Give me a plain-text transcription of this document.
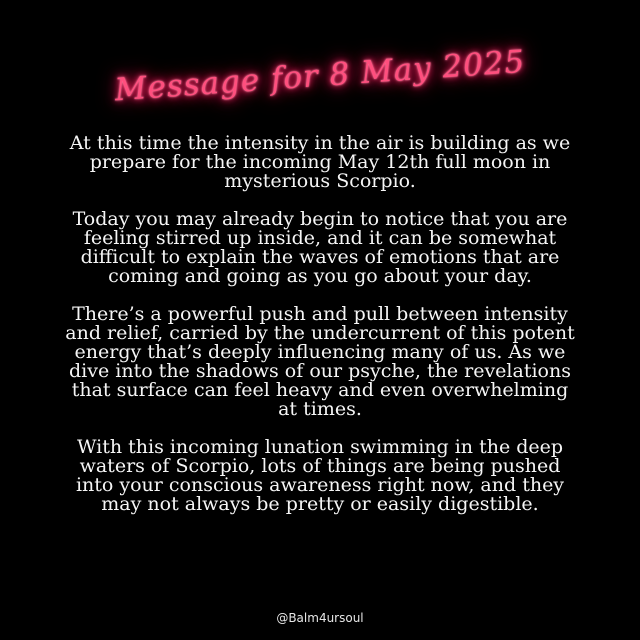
Message for 8 May 2025

At this time the intensity in the air is building as we prepare for the incoming May 12th full moon in mysterious Scorpio.

Today you may already begin to notice that you are feeling stirred up inside, and it can be somewhat difficult to explain the waves of emotions that are coming and going as you go about your day.

There’s a powerful push and pull between intensity and relief, carried by the undercurrent of this potent energy that’s deeply influencing many of us. As we dive into the shadows of our psyche, the revelations that surface can feel heavy and even overwhelming at times.

With this incoming lunation swimming in the deep waters of Scorpio, lots of things are being pushed into your conscious awareness right now, and they may not always be pretty or easily digestible.

@Balm4ursoul
